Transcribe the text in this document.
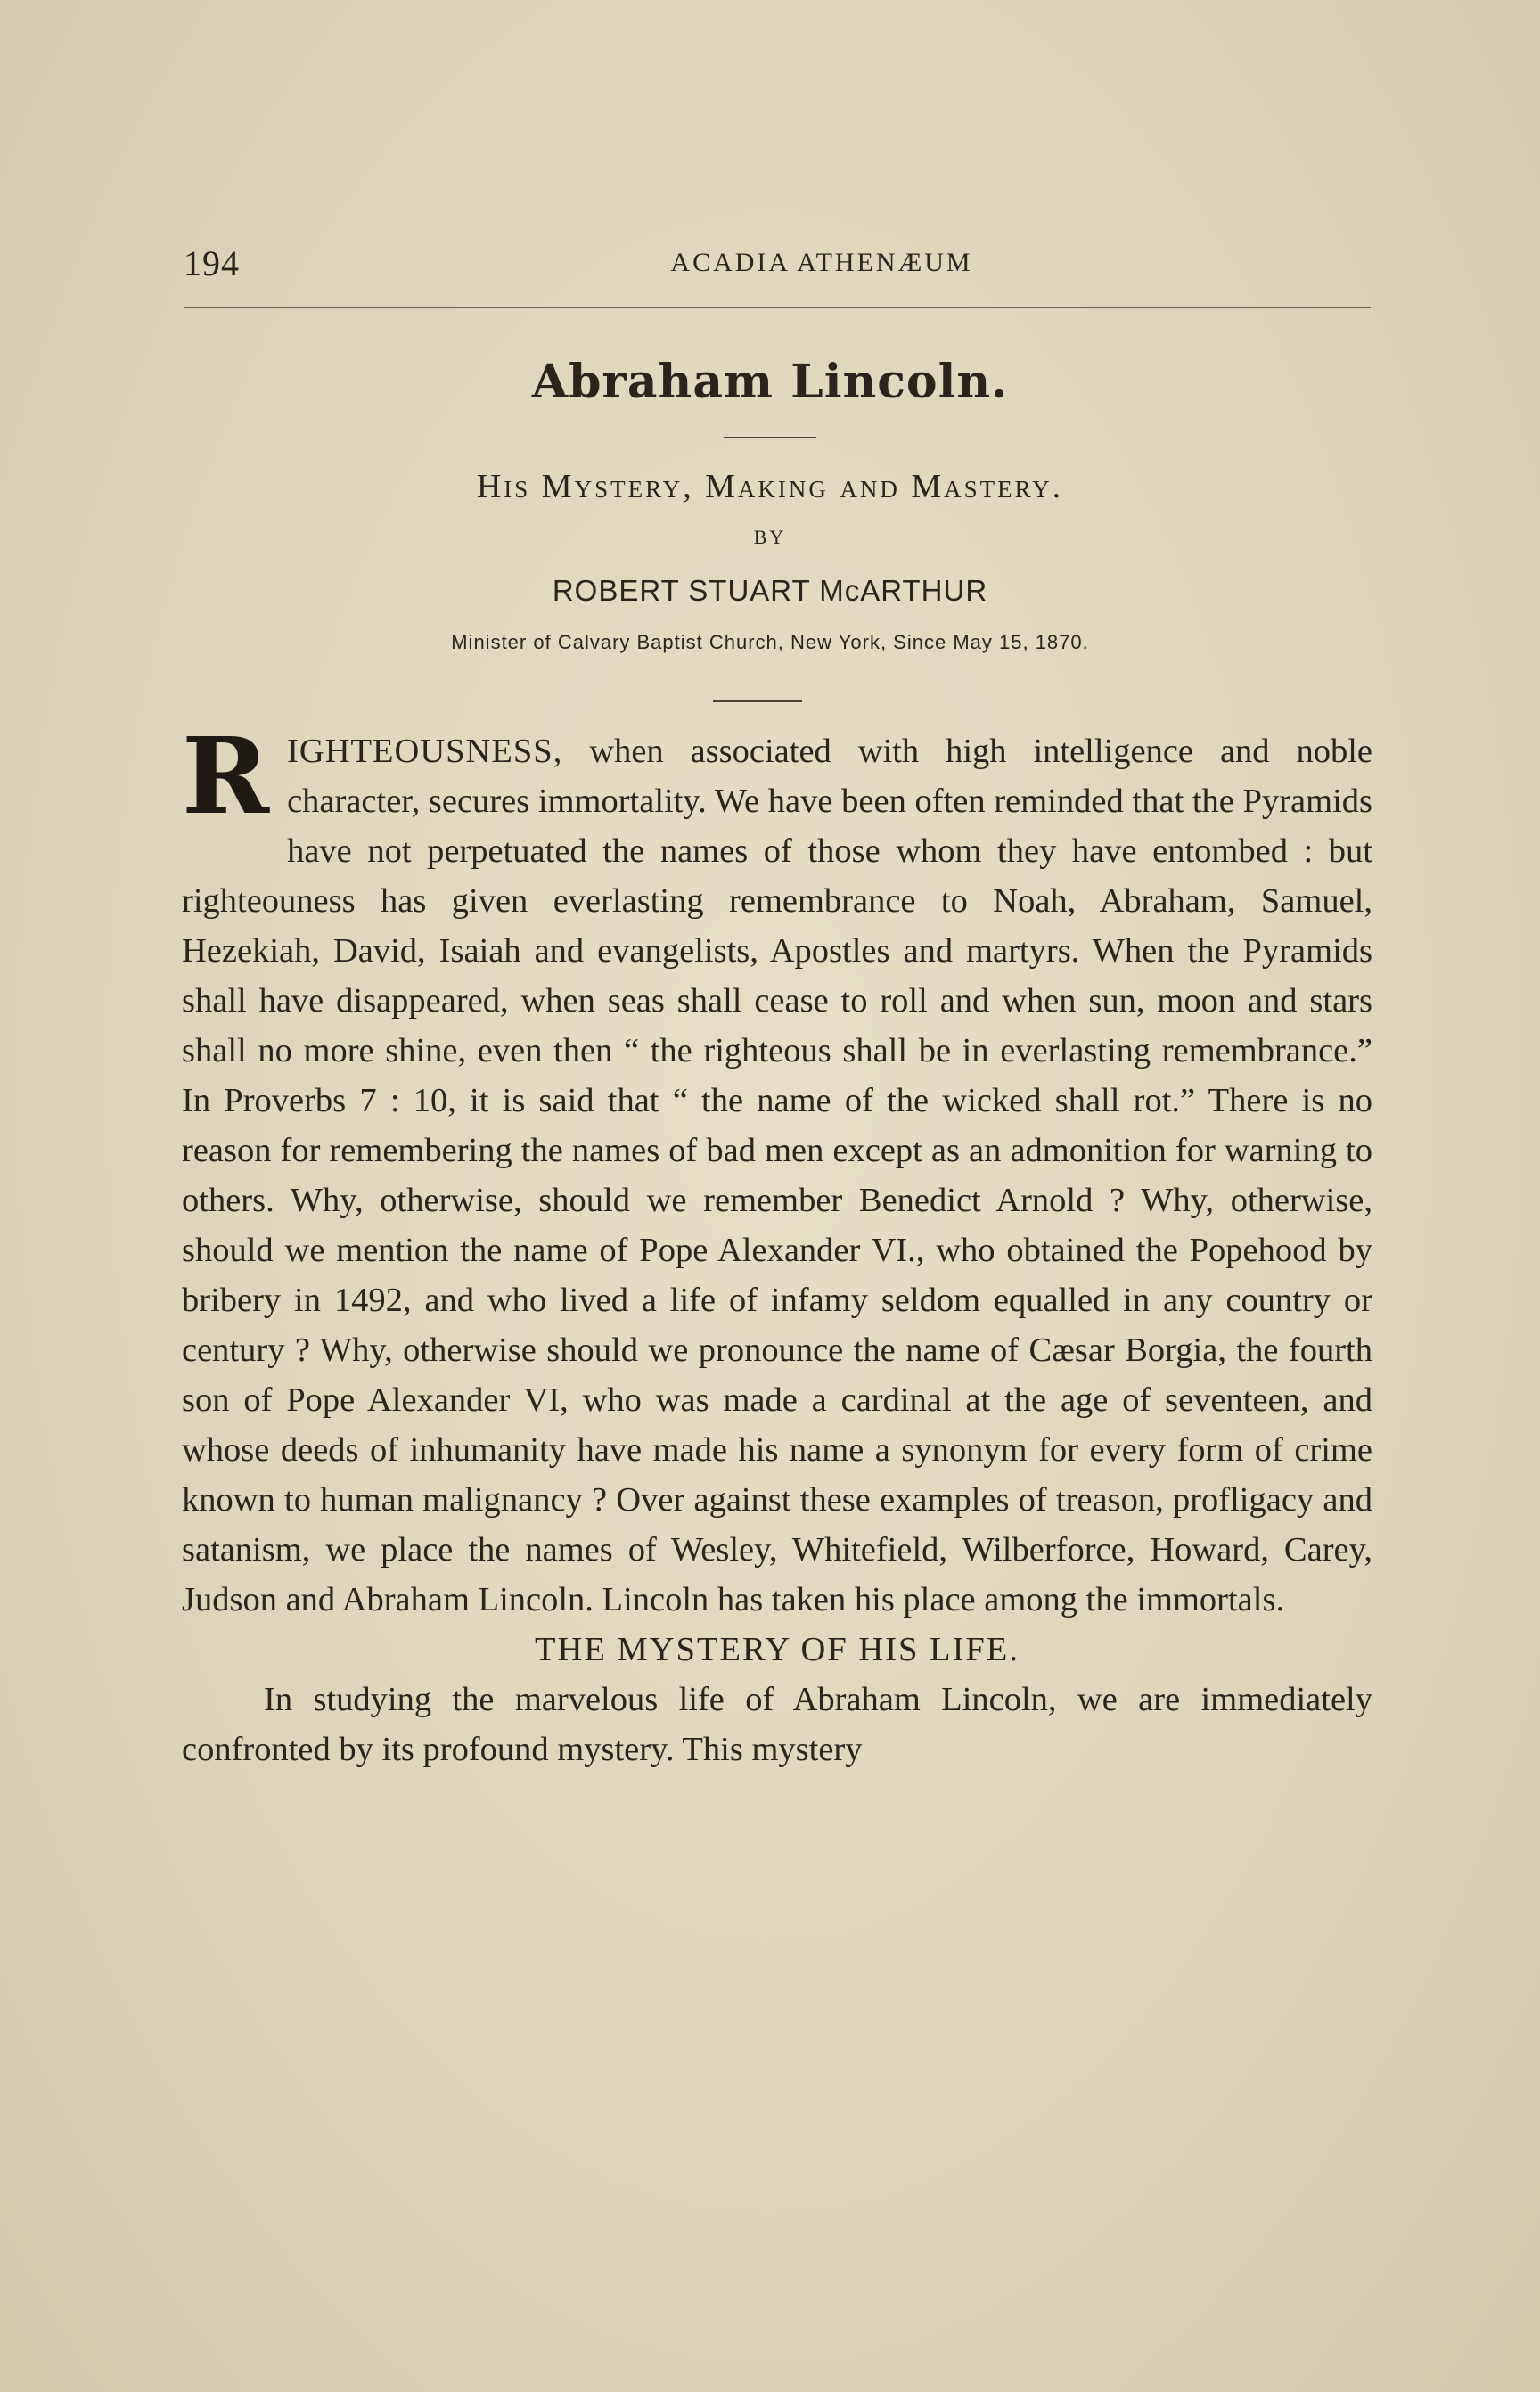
194	ACADIA ATHENÆUM
Abraham Lincoln.
His Mystery, Making and Mastery.
BY
ROBERT STUART McARTHUR
Minister of Calvary Baptist Church, New York, Since May 15, 1870.

RIGHTEOUSNESS, when associated with high intelligence and noble character, secures immortality. We have been often reminded that the Pyramids have not perpetuated the names of those whom they have entombed : but righteouness has given everlasting remembrance to Noah, Abraham, Samuel, Hezekiah, David, Isaiah and evangelists, Apostles and martyrs. When the Pyramids shall have disappeared, when seas shall cease to roll and when sun, moon and stars shall no more shine, even then “ the righteous shall be in everlasting remembrance.” In Proverbs 7 : 10, it is said that “ the name of the wicked shall rot.” There is no reason for remembering the names of bad men except as an admonition for warning to others. Why, otherwise, should we remember Benedict Arnold ? Why, otherwise, should we mention the name of Pope Alexander VI., who obtained the Popehood by bribery in 1492, and who lived a life of infamy seldom equalled in any country or century ? Why, otherwise should we pronounce the name of Cæsar Borgia, the fourth son of Pope Alexander VI, who was made a cardinal at the age of seventeen, and whose deeds of inhumanity have made his name a synonym for every form of crime known to human malignancy ? Over against these examples of treason, profligacy and satanism, we place the names of Wesley, Whitefield, Wilberforce, Howard, Carey, Judson and Abraham Lincoln. Lincoln has taken his place among the immortals.

THE MYSTERY OF HIS LIFE.

In studying the marvelous life of Abraham Lincoln, we are immediately confronted by its profound mystery. This mystery
